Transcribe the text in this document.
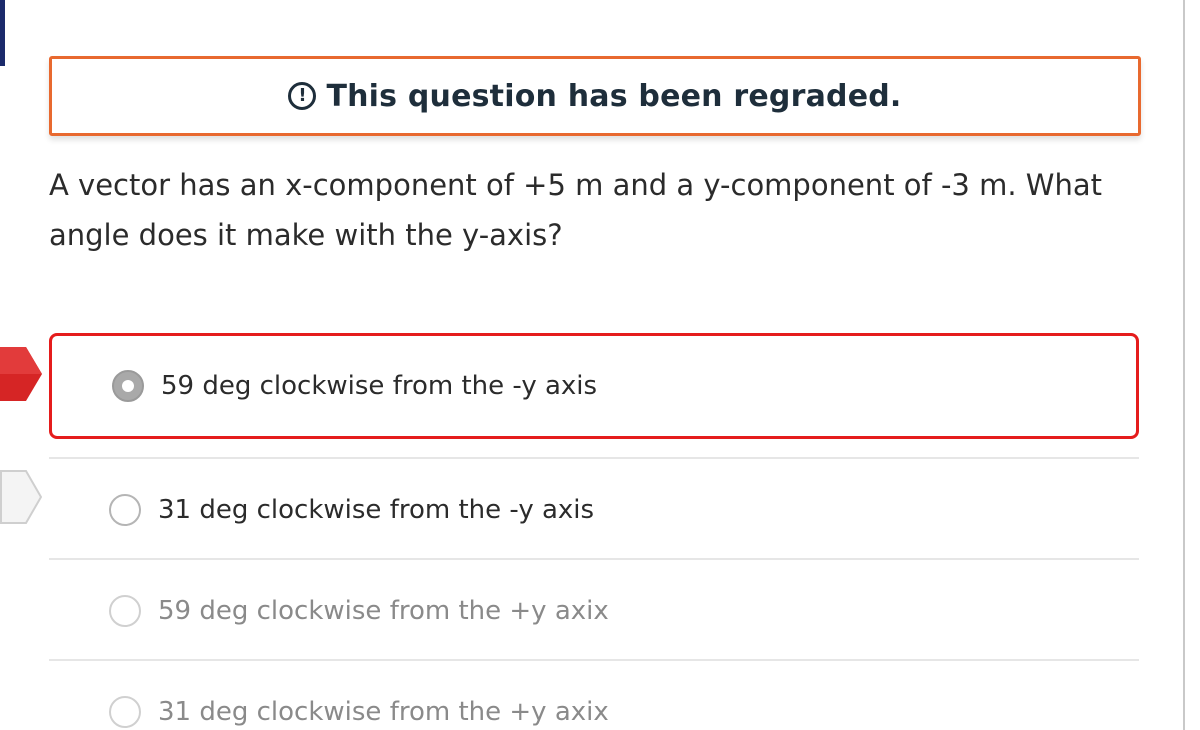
! This question has been regraded.
A vector has an x-component of +5 m and a y-component of -3 m. What angle does it make with the y-axis?
59 deg clockwise from the -y axis
31 deg clockwise from the -y axis
59 deg clockwise from the +y axix
31 deg clockwise from the +y axix
